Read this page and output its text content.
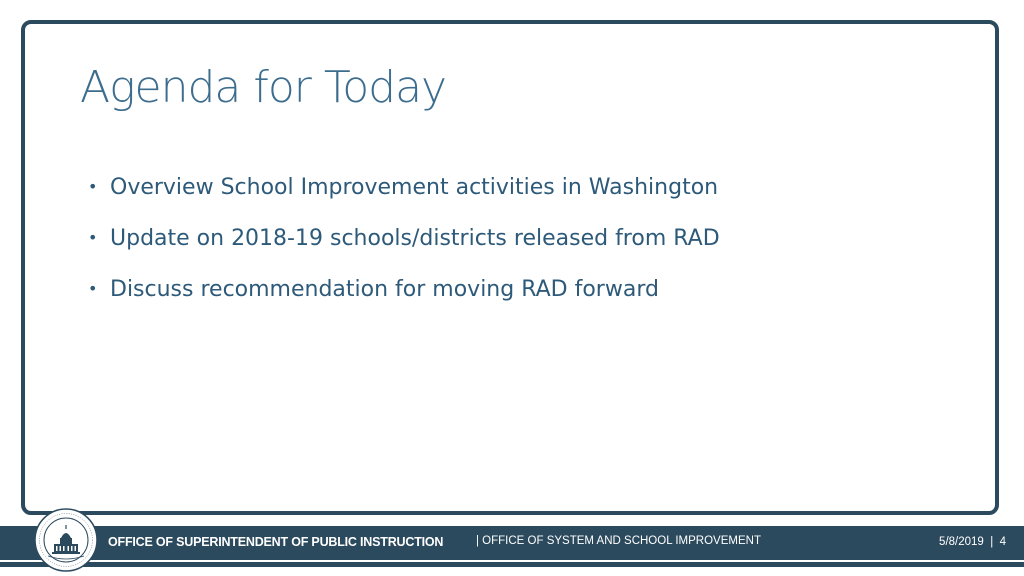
Agenda for Today
• Overview School Improvement activities in Washington
• Update on 2018-19 schools/districts released from RAD
• Discuss recommendation for moving RAD forward
OFFICE OF SUPERINTENDENT OF PUBLIC INSTRUCTION	| OFFICE OF SYSTEM AND SCHOOL IMPROVEMENT	5/8/2019 | 4
